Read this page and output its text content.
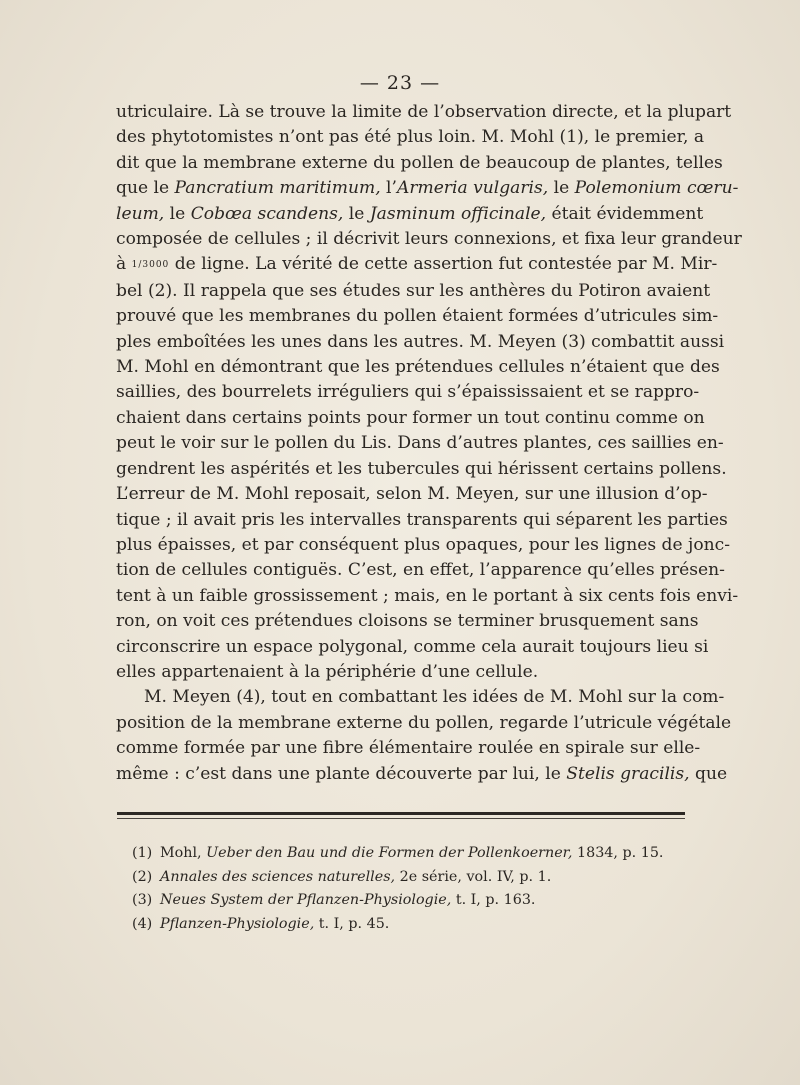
— 23 —
utriculaire. Là se trouve la limite de l’observation directe, et la plupart
des phytotomistes n’ont pas été plus loin. M. Mohl (1), le premier, a
dit que la membrane externe du pollen de beaucoup de plantes, telles
que le Pancratium maritimum, l’Armeria vulgaris, le Polemonium cœru-
leum, le Cobœa scandens, le Jasminum officinale, était évidemment
composée de cellules ; il décrivit leurs connexions, et fixa leur grandeur
à 1/3000 de ligne. La vérité de cette assertion fut contestée par M. Mir-
bel (2). Il rappela que ses études sur les anthères du Potiron avaient
prouvé que les membranes du pollen étaient formées d’utricules sim-
ples emboîtées les unes dans les autres. M. Meyen (3) combattit aussi
M. Mohl en démontrant que les prétendues cellules n’étaient que des
saillies, des bourrelets irréguliers qui s’épaississaient et se rappro-
chaient dans certains points pour former un tout continu comme on
peut le voir sur le pollen du Lis. Dans d’autres plantes, ces saillies en-
gendrent les aspérités et les tubercules qui hérissent certains pollens.
L’erreur de M. Mohl reposait, selon M. Meyen, sur une illusion d’op-
tique ; il avait pris les intervalles transparents qui séparent les parties
plus épaisses, et par conséquent plus opaques, pour les lignes de jonc-
tion de cellules contiguës. C’est, en effet, l’apparence qu’elles présen-
tent à un faible grossissement ; mais, en le portant à six cents fois envi-
ron, on voit ces prétendues cloisons se terminer brusquement sans
circonscrire un espace polygonal, comme cela aurait toujours lieu si
elles appartenaient à la périphérie d’une cellule.
M. Meyen (4), tout en combattant les idées de M. Mohl sur la com-
position de la membrane externe du pollen, regarde l’utricule végétale
comme formée par une fibre élémentaire roulée en spirale sur elle-
même : c’est dans une plante découverte par lui, le Stelis gracilis, que
(1) Mohl, Ueber den Bau und die Formen der Pollenkoerner, 1834, p. 15.
(2) Annales des sciences naturelles, 2e série, vol. IV, p. 1.
(3) Neues System der Pflanzen-Physiologie, t. I, p. 163.
(4) Pflanzen-Physiologie, t. I, p. 45.
